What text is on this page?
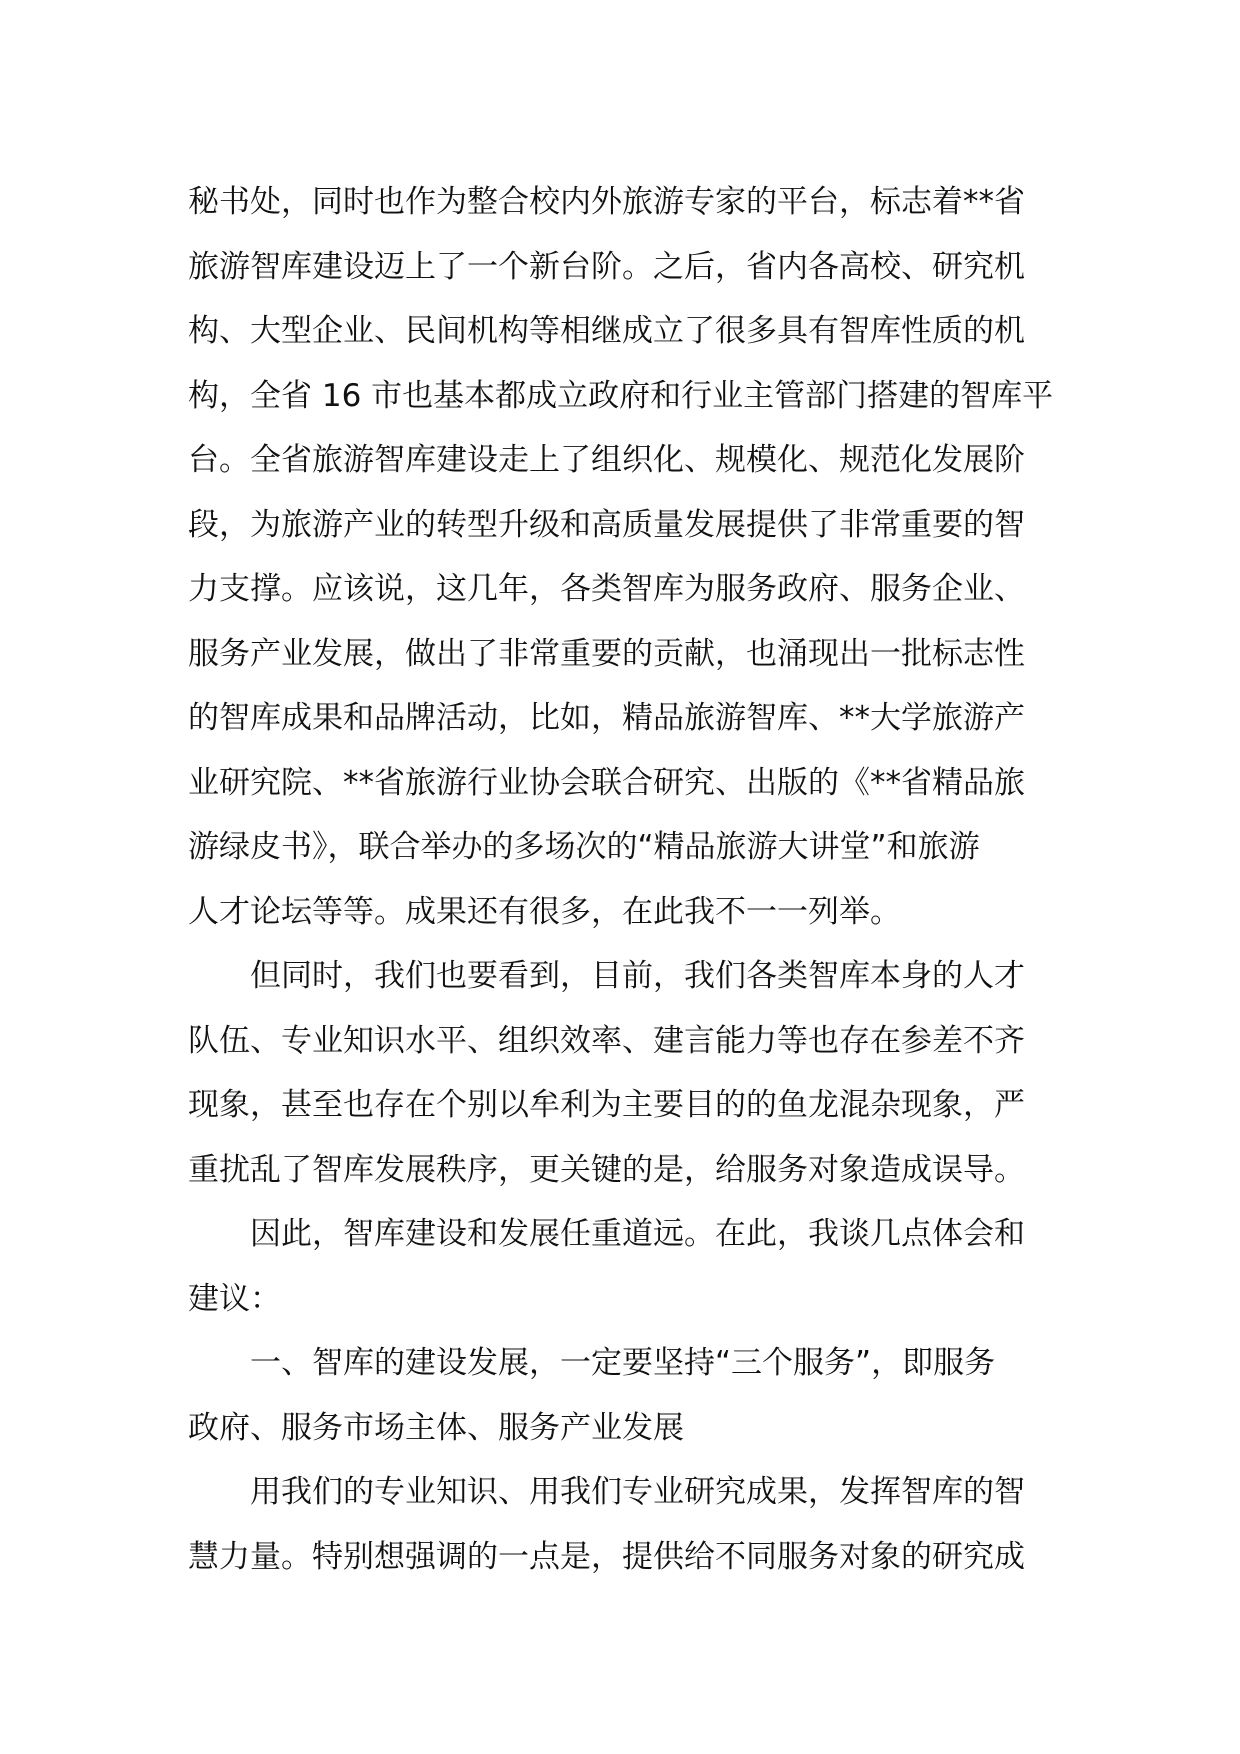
秘书处，同时也作为整合校内外旅游专家的平台，标志着**省
旅游智库建设迈上了一个新台阶。之后，省内各高校、研究机
构、大型企业、民间机构等相继成立了很多具有智库性质的机
构，全省 16 市也基本都成立政府和行业主管部门搭建的智库平
台。全省旅游智库建设走上了组织化、规模化、规范化发展阶
段，为旅游产业的转型升级和高质量发展提供了非常重要的智
力支撑。应该说，这几年，各类智库为服务政府、服务企业、
服务产业发展，做出了非常重要的贡献，也涌现出一批标志性
的智库成果和品牌活动，比如，精品旅游智库、**大学旅游产
业研究院、**省旅游行业协会联合研究、出版的《**省精品旅
游绿皮书》，联合举办的多场次的“精品旅游大讲堂”和旅游
人才论坛等等。成果还有很多，在此我不一一列举。
但同时，我们也要看到，目前，我们各类智库本身的人才
队伍、专业知识水平、组织效率、建言能力等也存在参差不齐
现象，甚至也存在个别以牟利为主要目的的鱼龙混杂现象，严
重扰乱了智库发展秩序，更关键的是，给服务对象造成误导。
因此，智库建设和发展任重道远。在此，我谈几点体会和
建议：
一、智库的建设发展，一定要坚持“三个服务”，即服务
政府、服务市场主体、服务产业发展
用我们的专业知识、用我们专业研究成果，发挥智库的智
慧力量。特别想强调的一点是，提供给不同服务对象的研究成
